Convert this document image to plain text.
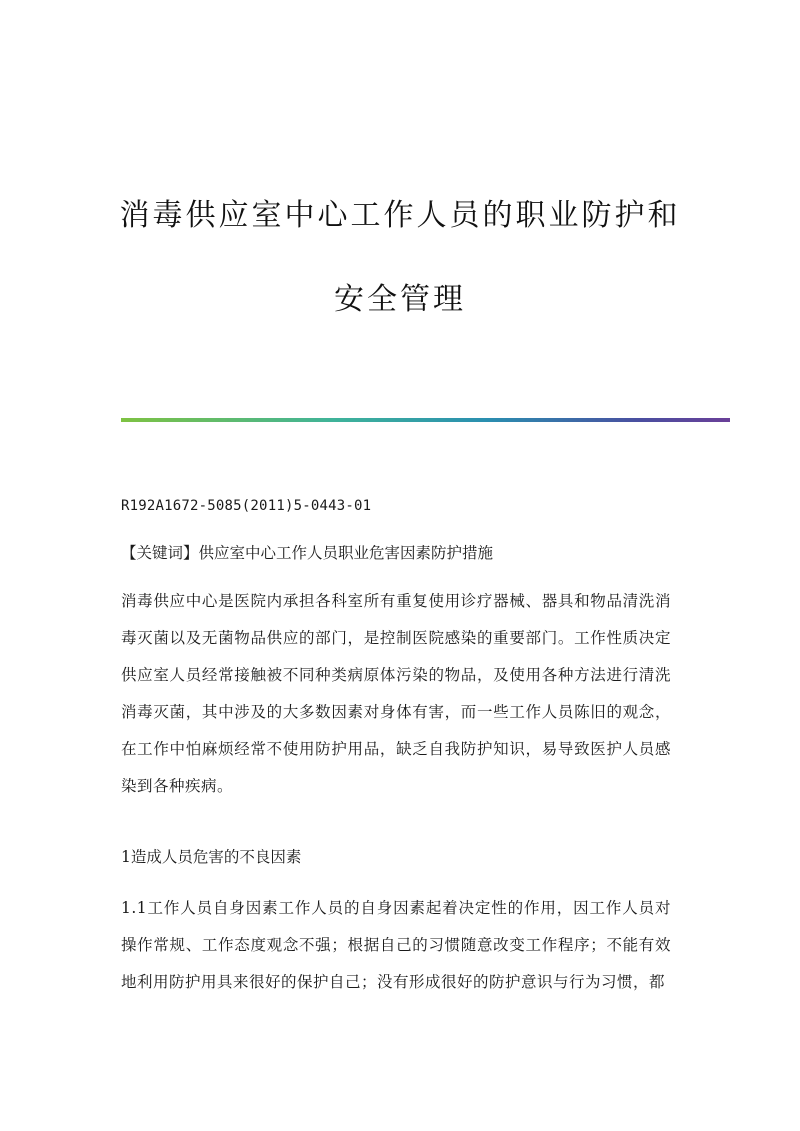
消毒供应室中心工作人员的职业防护和
安全管理

R192A1672-5085(2011)5-0443-01

【关键词】供应室中心工作人员职业危害因素防护措施

消毒供应中心是医院内承担各科室所有重复使用诊疗器械、器具和物品清洗消毒灭菌以及无菌物品供应的部门，是控制医院感染的重要部门。工作性质决定供应室人员经常接触被不同种类病原体污染的物品，及使用各种方法进行清洗消毒灭菌，其中涉及的大多数因素对身体有害，而一些工作人员陈旧的观念，在工作中怕麻烦经常不使用防护用品，缺乏自我防护知识，易导致医护人员感染到各种疾病。

1造成人员危害的不良因素

1.1工作人员自身因素工作人员的自身因素起着决定性的作用，因工作人员对操作常规、工作态度观念不强；根据自己的习惯随意改变工作程序；不能有效地利用防护用具来很好的保护自己；没有形成很好的防护意识与行为习惯，都
